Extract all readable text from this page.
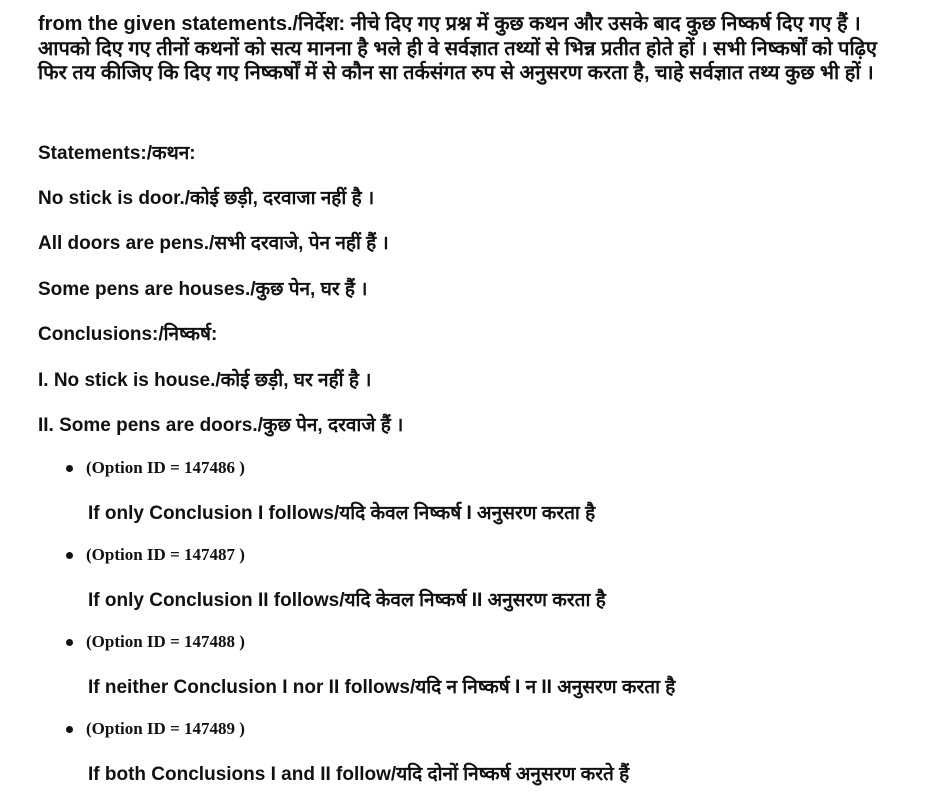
from the given statements./निर्देश: नीचे दिए गए प्रश्न में कुछ कथन और उसके बाद कुछ निष्कर्ष दिए गए हैं । आपको दिए गए तीनों कथनों को सत्य मानना है भले ही वे सर्वज्ञात तथ्यों से भिन्न प्रतीत होते हों । सभी निष्कर्षों को पढ़िए फिर तय कीजिए कि दिए गए निष्कर्षों में से कौन सा तर्कसंगत रुप से अनुसरण करता है, चाहे सर्वज्ञात तथ्य कुछ भी हों ।

Statements:/कथन:

No stick is door./कोई छड़ी, दरवाजा नहीं है ।

All doors are pens./सभी दरवाजे, पेन नहीं हैं ।

Some pens are houses./कुछ पेन, घर हैं ।

Conclusions:/निष्कर्ष:

I. No stick is house./कोई छड़ी, घर नहीं है ।

II. Some pens are doors./कुछ पेन, दरवाजे हैं ।

(Option ID = 147486 )

If only Conclusion I follows/यदि केवल निष्कर्ष I अनुसरण करता है

(Option ID = 147487 )

If only Conclusion II follows/यदि केवल निष्कर्ष II अनुसरण करता है

(Option ID = 147488 )

If neither Conclusion I nor II follows/यदि न निष्कर्ष I न II अनुसरण करता है

(Option ID = 147489 )

If both Conclusions I and II follow/यदि दोनों निष्कर्ष अनुसरण करते हैं
